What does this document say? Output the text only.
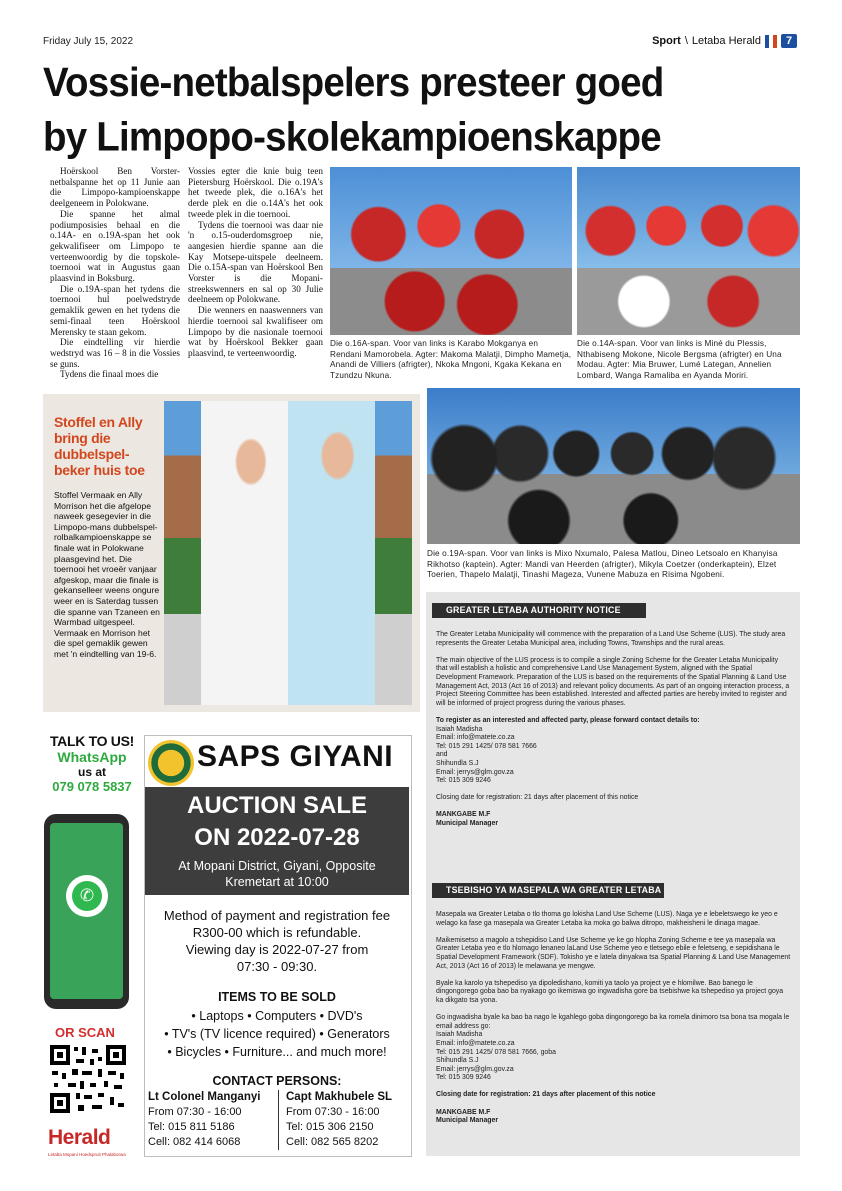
Friday July 15, 2022	Sport \ Letaba Herald	7
Vossie-netbalspelers presteer goed
by Limpopo-skolekampioenskappe

Hoërskool Ben Vorster-netbalspanne het op 11 Junie aan die Limpopo-kampioenskappe deelgeneem in Polokwane.

Die spanne het almal podiumposisies behaal en die o.14A- en o.19A-span het ook gekwalifiseer om Limpopo te verteenwoordig by die topskole-toernooi wat in Augustus gaan plaasvind in Boksburg.

Die o.19A-span het tydens die toernooi hul poelwedstryde gemaklik gewen en het tydens die semi-finaal teen Hoërskool Merensky te staan gekom.

Die eindtelling vir hierdie wedstryd was 16 – 8 in die Vossies se guns.

Tydens die finaal moes die

Vossies egter die knie buig teen Pietersburg Hoërskool. Die o.19A's het tweede plek, die o.16A's het derde plek en die o.14A's het ook tweede plek in die toernooi.

Tydens die toernooi was daar nie 'n o.15-ouderdomsgroep nie, aangesien hierdie spanne aan die Kay Motsepe-uitspele deelneem. Die o.15A-span van Hoërskool Ben Vorster is die Mopani-streekswenners en sal op 30 Julie deelneem op Polokwane.

Die wenners en naaswenners van hierdie toernooi sal kwalifiseer om Limpopo by die nasionale toernooi wat by Hoërskool Bekker gaan plaasvind, te verteenwoordig.

Die o.16A-span. Voor van links is Karabo Mokganya en Rendani Mamorobela. Agter: Makoma Malatji, Dimpho Mametja, Anandi de Villiers (afrigter), Nkoka Mngoni, Kgaka Kekana en Tzundzu Nkuna.
Die o.14A-span. Voor van links is Miné du Plessis, Nthabiseng Mokone, Nicole Bergsma (afrigter) en Una Modau. Agter: Mia Bruwer, Lumé Lategan, Annelien Lombard, Wanga Ramaliba en Ayanda Moriri.
Die o.19A-span. Voor van links is Mixo Nxumalo, Palesa Matlou, Dineo Letsoalo en Khanyisa Rikhotso (kaptein). Agter: Mandi van Heerden (afrigter), Mikyla Coetzer (onderkaptein), Elzet Toerien, Thapelo Malatji, Tinashi Mageza, Vunene Mabuza en Risima Ngobeni.
Stoffel en Ally bring die dubbelspel-beker huis toe
Stoffel Vermaak en Ally Morrison het die afgelope naweek gesegevier in die Limpopo-mans dubbelspel-rolbalkampioenskappe se finale wat in Polokwane plaasgevind het. Die toernooi het vroeër vanjaar afgeskop, maar die finale is gekanselleer weens ongure weer en is Saterdag tussen die spanne van Tzaneen en Warmbad uitgespeel. Vermaak en Morrison het die spel gemaklik gewen met 'n eindtelling van 19-6.
TALK TO US!
WhatsApp
us at
079 078 5837
✆
OR SCAN
Herald
Letaba Mopani Hoedspruit Phalaborwa
SAPS GIYANI
AUCTION SALE
ON 2022-07-28
At Mopani District, Giyani, Opposite
Kremetart at 10:00
Method of payment and registration fee
R300-00 which is refundable.
Viewing day is 2022-07-27 from
07:30 - 09:30.
ITEMS TO BE SOLD
• Laptops • Computers • DVD's
• TV's (TV licence required) • Generators
• Bicycles • Furniture... and much more!
CONTACT PERSONS:
Lt Colonel Manganyi
From 07:30 - 16:00
Tel: 015 811 5186
Cell: 082 414 6068
Capt Makhubele SL
From 07:30 - 16:00
Tel: 015 306 2150
Cell: 082 565 8202
GREATER LETABA AUTHORITY NOTICE

The Greater Letaba Municipality will commence with the preparation of a Land Use Scheme (LUS). The study area represents the Greater Letaba Municipal area, including Towns, Townships and the rural areas.

The main objective of the LUS process is to compile a single Zoning Scheme for the Greater Letaba Municipality that will establish a holistic and comprehensive Land Use Management System, aligned with the Spatial Development Framework. Preparation of the LUS is based on the requirements of the Spatial Planning & Land Use Management Act, 2013 (Act 16 of 2013) and relevant policy documents. As part of an ongoing interaction process, a Project Steering Committee has been established. Interested and affected parties are hereby invited to register and will be informed of project progress during the various phases.

To register as an interested and affected party, please forward contact details to:
Isaiah Madisha
Email: info@matete.co.za
Tel: 015 291 1425/ 078 581 7666
and
Shihundla S.J
Email: jerrys@glm.gov.za
Tel: 015 309 9246

Closing date for registration: 21 days after placement of this notice

MANKGABE M.F
Municipal Manager
TSEBISHO YA MASEPALA WA GREATER LETABA

Masepala wa Greater Letaba o tlo thoma go lokisha Land Use Scheme (LUS). Naga ye e lebeletswego ke yeo e welago ka fase ga masepala wa Greater Letaba ka moka go balwa ditropo, makheisheni le dinaga magae.

Maikemisetso a magolo a tshepidiso Land Use Scheme ye ke go hlopha Zoning Scheme e tee ya masepala wa Greater Letaba yeo e tlo hlomago lenaneo laLand Use Scheme yeo e tletsego ebile e feletseng, e sepidishana le Spatial Development Framework (SDF). Tokisho ye e latela dinyakwa tsa Spatial Planning & Land Use Management Act, 2013 (Act 16 of 2013) le melawana ye mengwe.

Byale ka karolo ya tshepediso ya dipoledishano, komiti ya taolo ya project ye e hlomilwe. Bao banego le dingongorego goba bao ba nyakago go ikemiswa go ingwadisha gore ba tsebishwe ka tshepediso ya project goya ka dikgato tsa yona.

Go ingwadisha byale ka bao ba nago le kgahlego goba dingongorego ba ka romela dinimoro tsa bona tsa mogala le email address go:
Isaiah Madisha
Email: info@matete.co.za
Tel: 015 291 1425/ 078 581 7666, goba
Shihundla S.J
Email: jerrys@glm.gov.za
Tel: 015 309 9246

Closing date for registration: 21 days after placement of this notice

MANKGABE M.F
Municipal Manager
